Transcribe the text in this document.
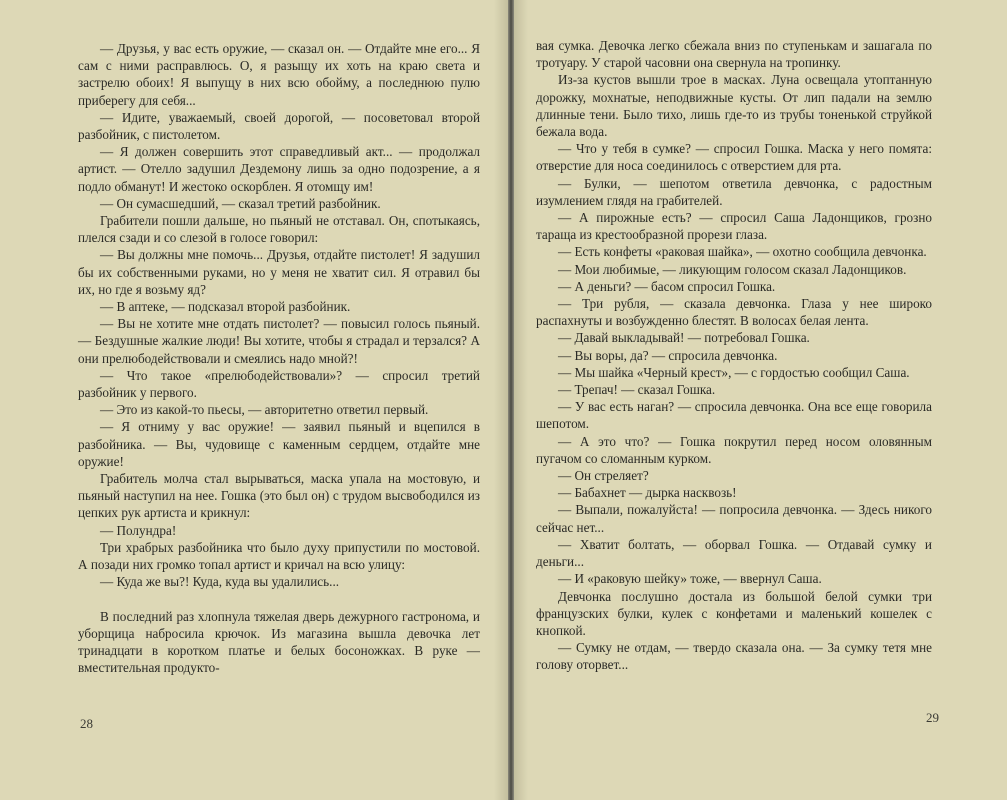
— Друзья, у вас есть оружие, — сказал он. — Отдайте мне его... Я сам с ними расправлюсь. О, я разыщу их хоть на краю света и застрелю обоих! Я выпущу в них всю обойму, а последнюю пулю приберегу для себя...

— Идите, уважаемый, своей дорогой, — посоветовал второй разбойник, с пистолетом.

— Я должен совершить этот справедливый акт... — продолжал артист. — Отелло задушил Дездемону лишь за одно подозрение, а я подло обманут! И жестоко оскорблен. Я отомщу им!

— Он сумасшедший, — сказал третий разбойник.

Грабители пошли дальше, но пьяный не отставал. Он, спотыкаясь, плелся сзади и со слезой в голосе говорил:

— Вы должны мне помочь... Друзья, отдайте пистолет! Я задушил бы их собственными руками, но у меня не хватит сил. Я отравил бы их, но где я возьму яд?

— В аптеке, — подсказал второй разбойник.

— Вы не хотите мне отдать пистолет? — повысил голось пьяный. — Бездушные жалкие люди! Вы хотите, чтобы я страдал и терзался? А они прелюбодействовали и смеялись надо мной?!

— Что такое «прелюбодействовали»? — спросил третий разбойник у первого.

— Это из какой-то пьесы, — авторитетно ответил первый.

— Я отниму у вас оружие! — заявил пьяный и вцепился в разбойника. — Вы, чудовище с каменным сердцем, отдайте мне оружие!

Грабитель молча стал вырываться, маска упала на мостовую, и пьяный наступил на нее. Гошка (это был он) с трудом высвободился из цепких рук артиста и крикнул:

— Полундра!

Три храбрых разбойника что было духу припустили по мостовой. А позади них громко топал артист и кричал на всю улицу:

— Куда же вы?! Куда, куда вы удалились...

В последний раз хлопнула тяжелая дверь дежурного гастронома, и уборщица набросила крючок. Из магазина вышла девочка лет тринадцати в коротком платье и белых босоножках. В руке — вместительная продукто-

28

вая сумка. Девочка легко сбежала вниз по ступенькам и зашагала по тротуару. У старой часовни она свернула на тропинку.

Из-за кустов вышли трое в масках. Луна освещала утоптанную дорожку, мохнатые, неподвижные кусты. От лип падали на землю длинные тени. Было тихо, лишь где-то из трубы тоненькой струйкой бежала вода.

— Что у тебя в сумке? — спросил Гошка. Маска у него помята: отверстие для носа соединилось с отверстием для рта.

— Булки, — шепотом ответила девчонка, с радостным изумлением глядя на грабителей.

— А пирожные есть? — спросил Саша Ладонщиков, грозно тараща из крестообразной прорези глаза.

— Есть конфеты «раковая шайка», — охотно сообщила девчонка.

— Мои любимые, — ликующим голосом сказал Ладонщиков.

— А деньги? — басом спросил Гошка.

— Три рубля, — сказала девчонка. Глаза у нее широко распахнуты и возбужденно блестят. В волосах белая лента.

— Давай выкладывай! — потребовал Гошка.

— Вы воры, да? — спросила девчонка.

— Мы шайка «Черный крест», — с гордостью сообщил Саша.

— Трепач! — сказал Гошка.

— У вас есть наган? — спросила девчонка. Она все еще говорила шепотом.

— А это что? — Гошка покрутил перед носом оловянным пугачом со сломанным курком.

— Он стреляет?

— Бабахнет — дырка насквозь!

— Выпали, пожалуйста! — попросила девчонка. — Здесь никого сейчас нет...

— Хватит болтать, — оборвал Гошка. — Отдавай сумку и деньги...

— И «раковую шейку» тоже, — ввернул Саша.

Девчонка послушно достала из большой белой сумки три французских булки, кулек с конфетами и маленький кошелек с кнопкой.

— Сумку не отдам, — твердо сказала она. — За сумку тетя мне голову оторвет...

29
